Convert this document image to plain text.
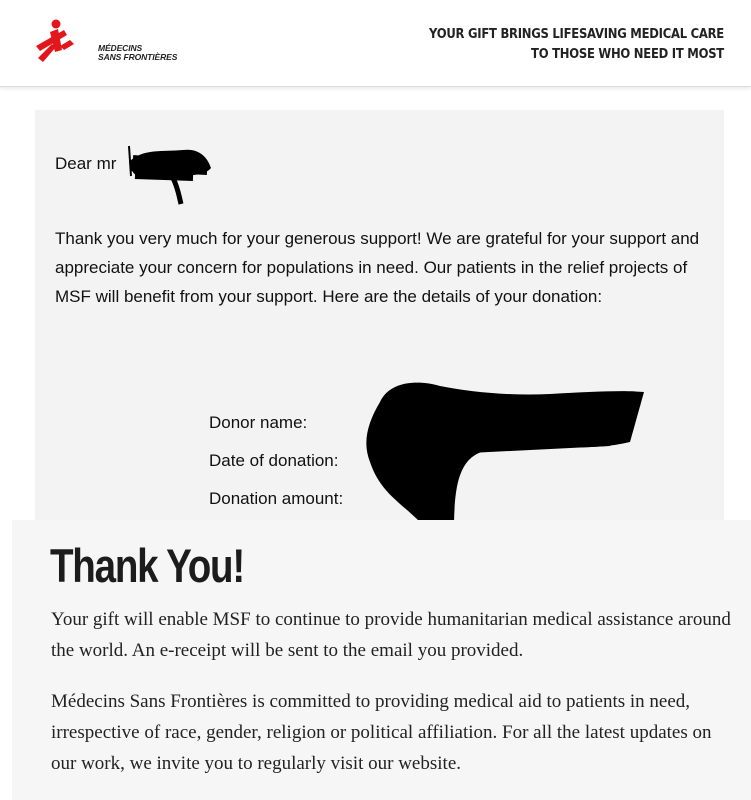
MÉDECINS
SANS FRONTIÈRES
YOUR GIFT BRINGS LIFESAVING MEDICAL CARE
TO THOSE WHO NEED IT MOST
Dear mr
Thank you very much for your generous support! We are grateful for your support and appreciate your concern for populations in need. Our patients in the relief projects of MSF will benefit from your support. Here are the details of your donation:
Donor name:
Date of donation:
Donation amount:
Thank You!
Your gift will enable MSF to continue to provide humanitarian medical assistance around the world. An e-receipt will be sent to the email you provided.
Médecins Sans Frontières is committed to providing medical aid to patients in need, irrespective of race, gender, religion or political affiliation. For all the latest updates on our work, we invite you to regularly visit our website.
